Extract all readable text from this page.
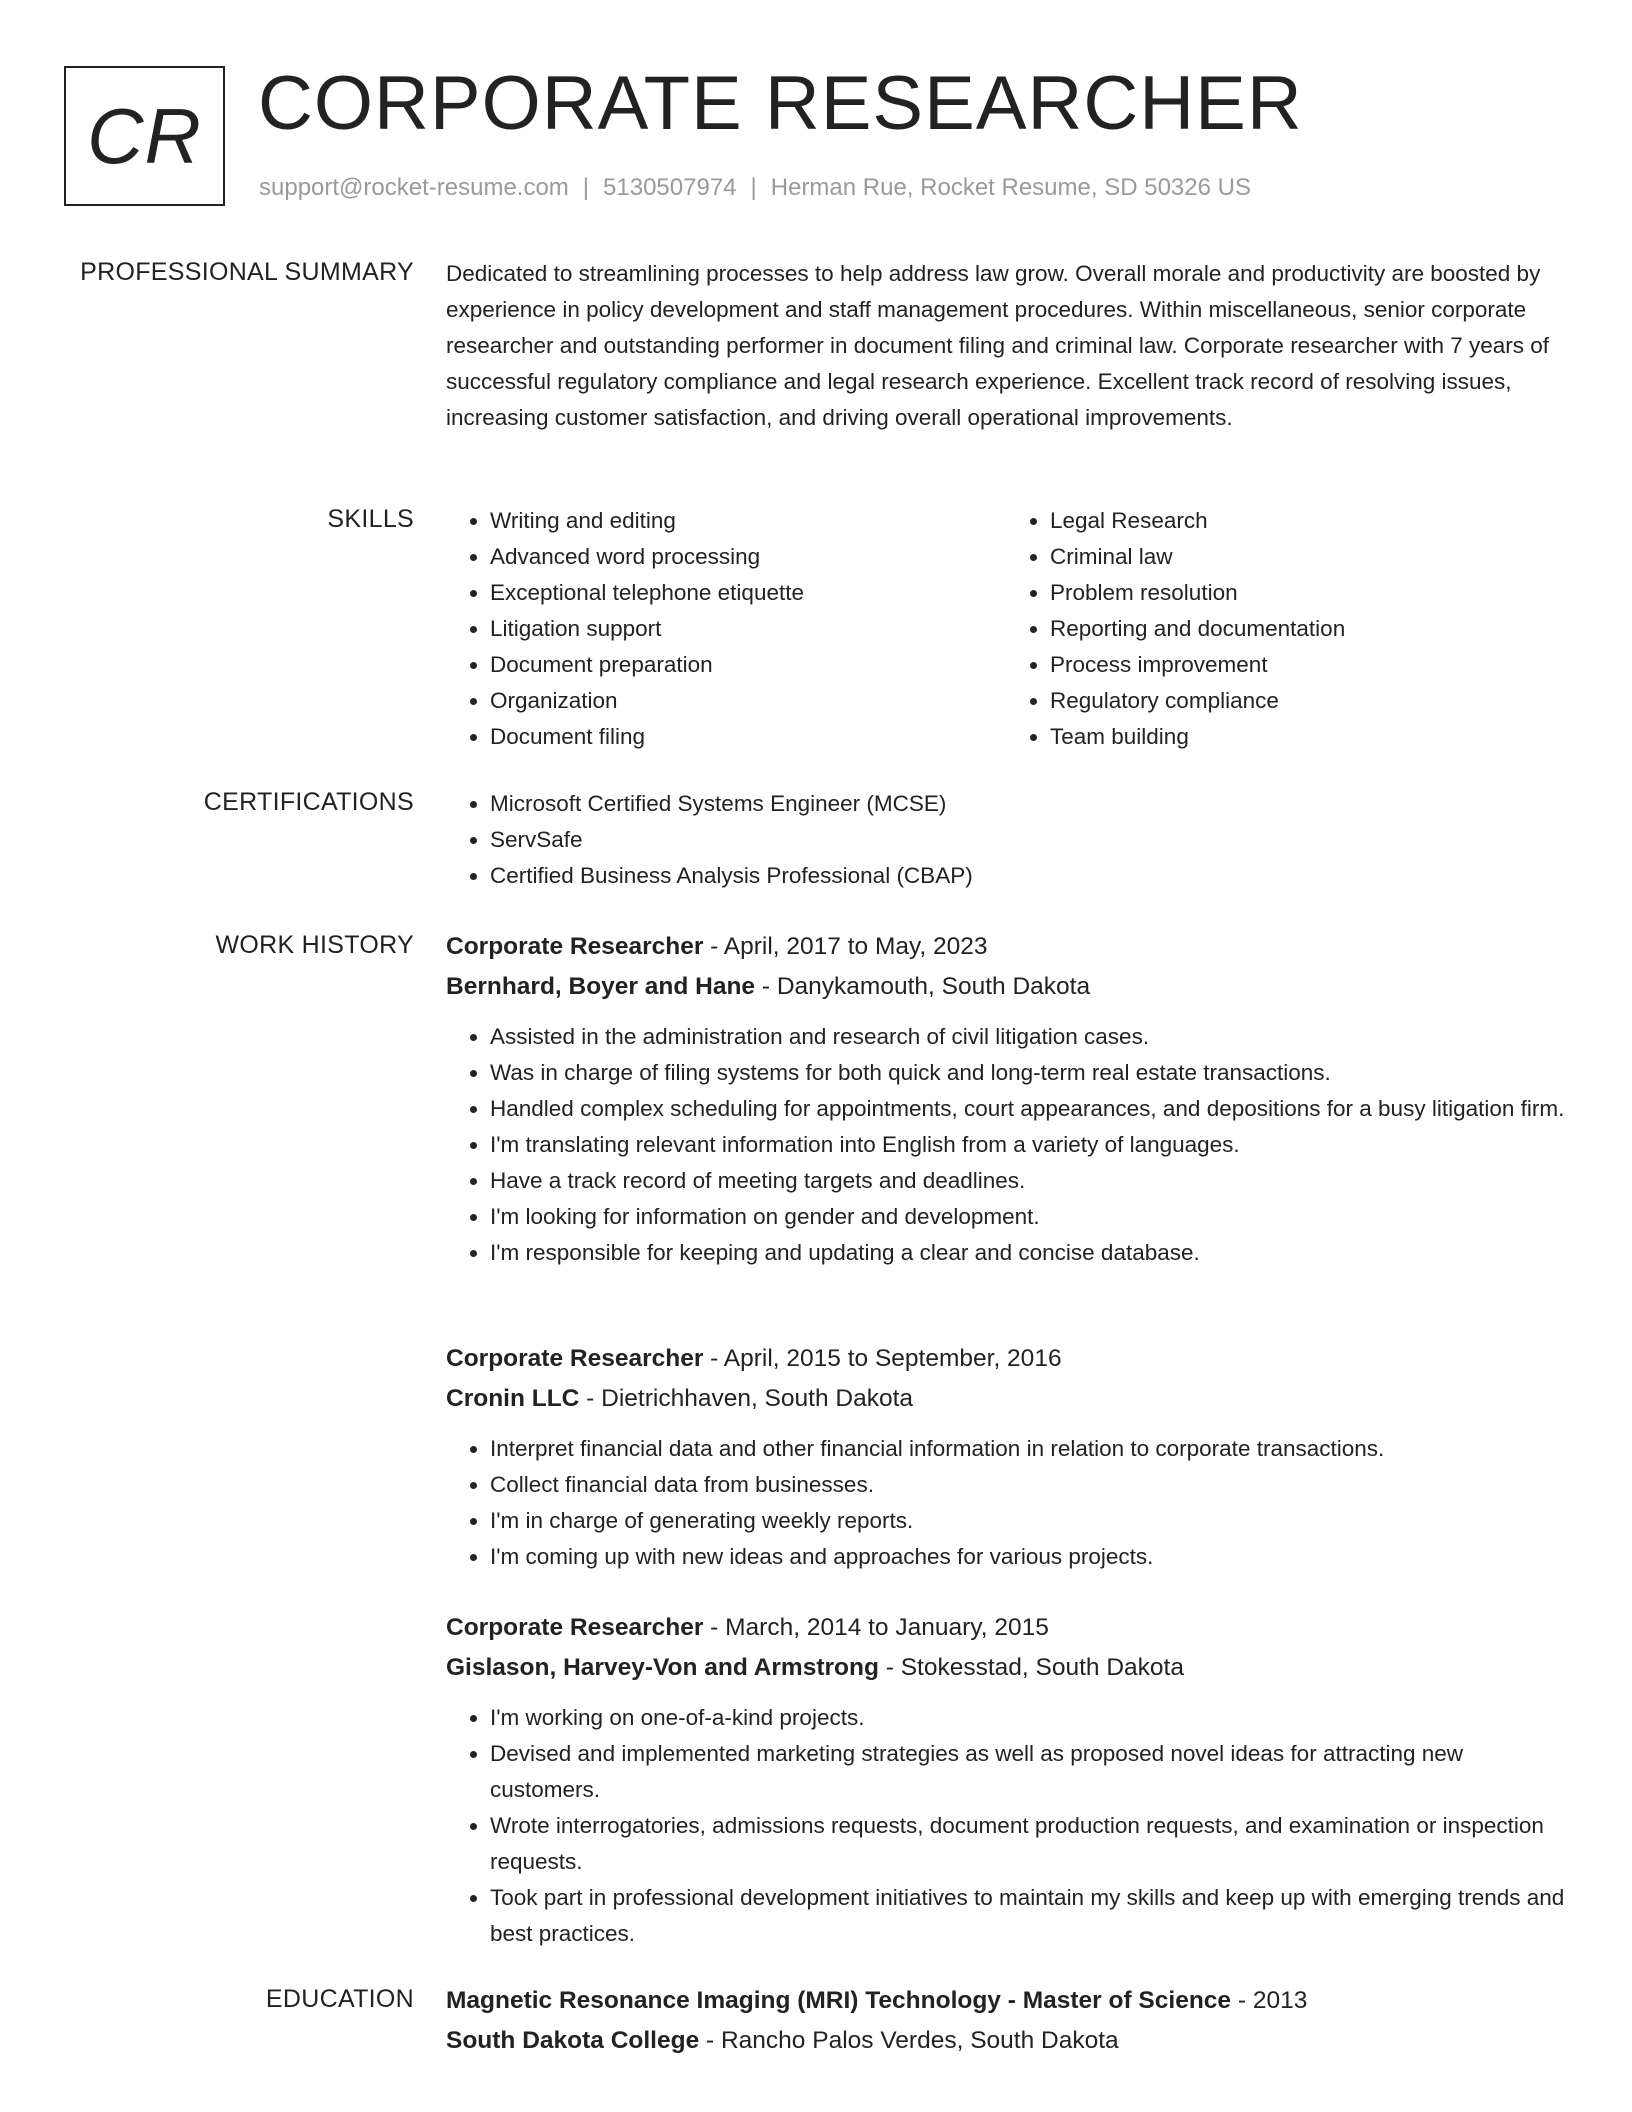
CR CORPORATE RESEARCHER
support@rocket-resume.com | 5130507974 | Herman Rue, Rocket Resume, SD 50326 US
PROFESSIONAL SUMMARY Dedicated to streamlining processes to help address law grow. Overall morale and productivity are boosted by experience in policy development and staff management procedures. Within miscellaneous, senior corporate researcher and outstanding performer in document filing and criminal law. Corporate researcher with 7 years of successful regulatory compliance and legal research experience. Excellent track record of resolving issues, increasing customer satisfaction, and driving overall operational improvements.
SKILLS	• Writing and editing
• Advanced word processing
• Exceptional telephone etiquette
• Litigation support
• Document preparation
• Organization
• Document filing
• Legal Research
• Criminal law
• Problem resolution
• Reporting and documentation
• Process improvement
• Regulatory compliance
• Team building
CERTIFICATIONS	• Microsoft Certified Systems Engineer (MCSE)
• ServSafe
• Certified Business Analysis Professional (CBAP)
WORK HISTORY Corporate Researcher - April, 2017 to May, 2023
Bernhard, Boyer and Hane - Danykamouth, South Dakota
• Assisted in the administration and research of civil litigation cases.
• Was in charge of filing systems for both quick and long-term real estate transactions.
• Handled complex scheduling for appointments, court appearances, and depositions for a busy litigation firm.
• I'm translating relevant information into English from a variety of languages.
• Have a track record of meeting targets and deadlines.
• I'm looking for information on gender and development.
• I'm responsible for keeping and updating a clear and concise database.
Corporate Researcher - April, 2015 to September, 2016
Cronin LLC - Dietrichhaven, South Dakota
• Interpret financial data and other financial information in relation to corporate transactions.
• Collect financial data from businesses.
• I'm in charge of generating weekly reports.
• I'm coming up with new ideas and approaches for various projects.
Corporate Researcher - March, 2014 to January, 2015
Gislason, Harvey-Von and Armstrong - Stokesstad, South Dakota
• I'm working on one-of-a-kind projects.
• Devised and implemented marketing strategies as well as proposed novel ideas for attracting new customers.
• Wrote interrogatories, admissions requests, document production requests, and examination or inspection requests.
• Took part in professional development initiatives to maintain my skills and keep up with emerging trends and best practices.
EDUCATION Magnetic Resonance Imaging (MRI) Technology - Master of Science - 2013
South Dakota College - Rancho Palos Verdes, South Dakota
